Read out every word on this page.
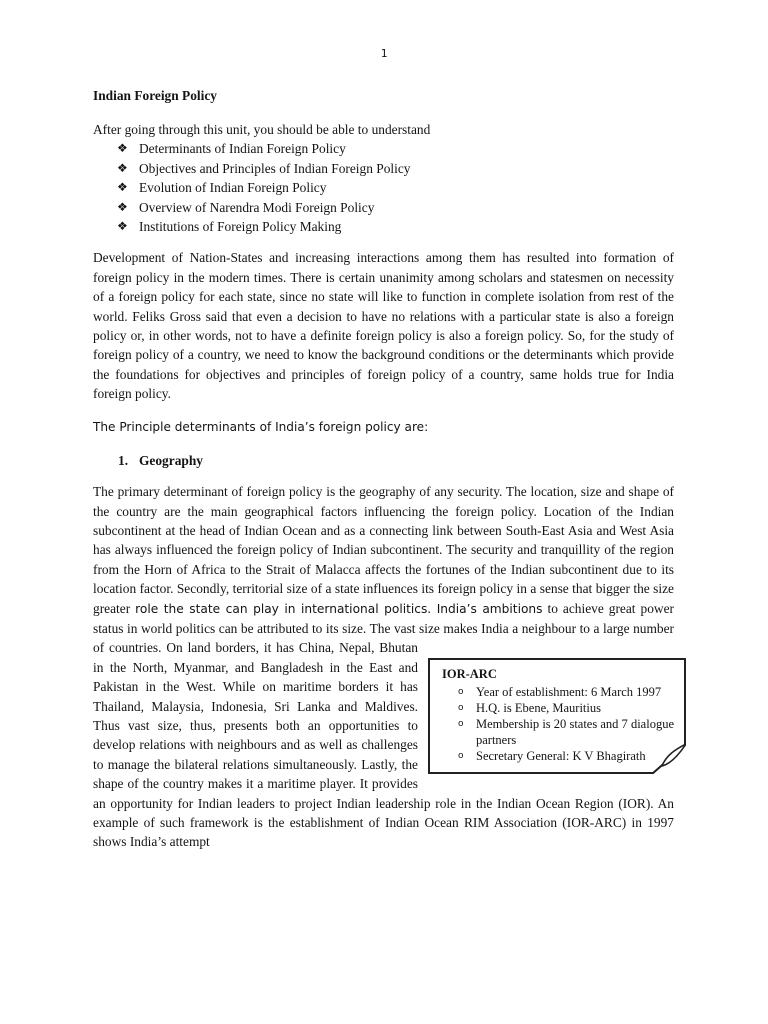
1
Indian Foreign Policy
After going through this unit, you should be able to understand
❖ Determinants of Indian Foreign Policy
❖ Objectives and Principles of Indian Foreign Policy
❖ Evolution of Indian Foreign Policy
❖ Overview of Narendra Modi Foreign Policy
❖ Institutions of Foreign Policy Making

Development of Nation-States and increasing interactions among them has resulted into formation of foreign policy in the modern times. There is certain unanimity among scholars and statesmen on necessity of a foreign policy for each state, since no state will like to function in complete isolation from rest of the world. Feliks Gross said that even a decision to have no relations with a particular state is also a foreign policy or, in other words, not to have a definite foreign policy is also a foreign policy. So, for the study of foreign policy of a country, we need to know the background conditions or the determinants which provide the foundations for objectives and principles of foreign policy of a country, same holds true for India foreign policy.

The Principle determinants of India’s foreign policy are:
1. Geography

The primary determinant of foreign policy is the geography of any security. The location, size and shape of the country are the main geographical factors influencing the foreign policy. Location of the Indian subcontinent at the head of Indian Ocean and as a connecting link between South-East Asia and West Asia has always influenced the foreign policy of Indian subcontinent. The security and tranquillity of the region from the Horn of Africa to the Strait of Malacca affects the fortunes of the Indian subcontinent due to its location factor. Secondly, territorial size of a state influences its foreign policy in a sense that bigger the size greater role the state can play in international politics. India’s ambitions to achieve great power status in world politics can be attributed to its size. The vast size makes India a neighbour to a large
IOR-ARC
o Year of establishment: 6 March 1997
o H.Q. is Ebene, Mauritius
o Membership is 20 states and 7 dialogue partners
o Secretary General: K V Bhagirath
number of countries. On land borders, it has China, Nepal, Bhutan in the North, Myanmar, and Bangladesh in the East and Pakistan in the West. While on maritime borders it has Thailand, Malaysia, Indonesia, Sri Lanka and Maldives. Thus vast size, thus, presents both an opportunities to develop relations with neighbours and as well as challenges to manage the bilateral relations simultaneously. Lastly, the shape of the country makes it a maritime player. It provides an opportunity for Indian leaders to project Indian leadership role in the Indian Ocean Region (IOR). An example of such framework is the establishment of Indian Ocean RIM Association (IOR-ARC) in 1997 shows India’s attempt
